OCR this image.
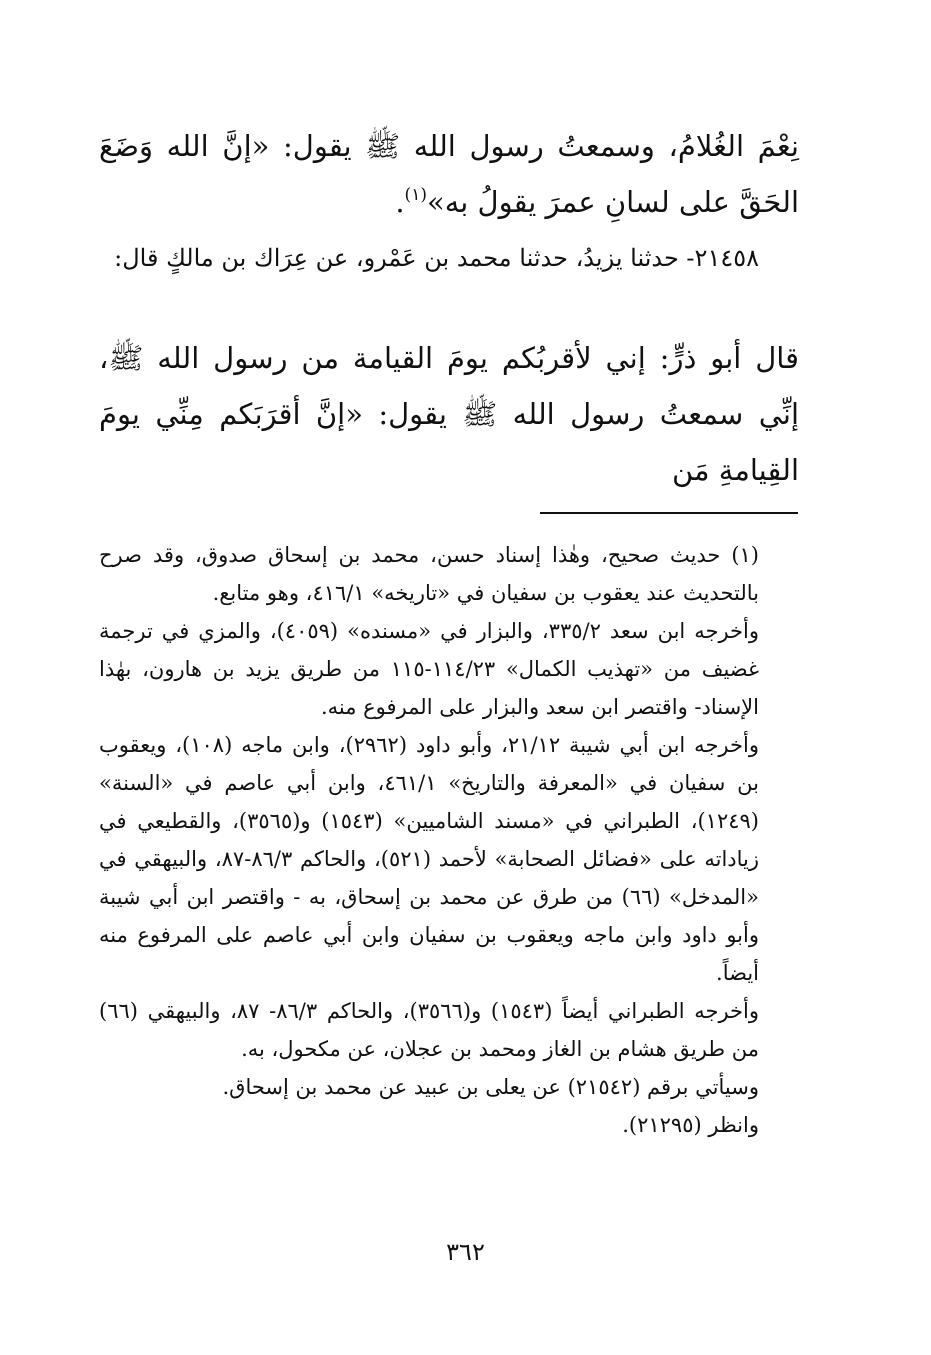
نِعْمَ الغُلامُ، وسمعتُ رسول الله ﷺ يقول: «إنَّ الله وَضَعَ الحَقَّ على لسانِ عمرَ يقولُ به»$^{(١)}$.

٢١٤٥٨- حدثنا يزيدُ، حدثنا محمد بن عَمْرو، عن عِرَاك بن مالكٍ قال:

قال أبو ذرٍّ: إني لأقربُكم يومَ القيامة من رسول الله ﷺ، إنِّي سمعتُ رسول الله ﷺ يقول: «إنَّ أقرَبَكم مِنِّي يومَ القِيامةِ مَن

(١) حديث صحيح، وهٰذا إسناد حسن، محمد بن إسحاق صدوق، وقد صرح بالتحديث عند يعقوب بن سفيان في «تاريخه» ٤١٦/١، وهو متابع.

وأخرجه ابن سعد ٣٣٥/٢، والبزار في «مسنده» (٤٠٥٩)، والمزي في ترجمة غضيف من «تهذيب الكمال» ١١٤/٢٣-١١٥ من طريق يزيد بن هارون، بهٰذا الإسناد- واقتصر ابن سعد والبزار على المرفوع منه.

وأخرجه ابن أبي شيبة ٢١/١٢، وأبو داود (٢٩٦٢)، وابن ماجه (١٠٨)، ويعقوب بن سفيان في «المعرفة والتاريخ» ٤٦١/١، وابن أبي عاصم في «السنة» (١٢٤٩)، الطبراني في «مسند الشاميين» (١٥٤٣) و(٣٥٦٥)، والقطيعي في زياداته على «فضائل الصحابة» لأحمد (٥٢١)، والحاكم ٨٦/٣-٨٧، والبيهقي في «المدخل» (٦٦) من طرق عن محمد بن إسحاق، به - واقتصر ابن أبي شيبة وأبو داود وابن ماجه ويعقوب بن سفيان وابن أبي عاصم على المرفوع منه أيضاً.

وأخرجه الطبراني أيضاً (١٥٤٣) و(٣٥٦٦)، والحاكم ٨٦/٣- ٨٧، والبيهقي (٦٦) من طريق هشام بن الغاز ومحمد بن عجلان، عن مكحول، به.

وسيأتي برقم (٢١٥٤٢) عن يعلى بن عبيد عن محمد بن إسحاق.

وانظر (٢١٢٩٥).

٣٦٢
